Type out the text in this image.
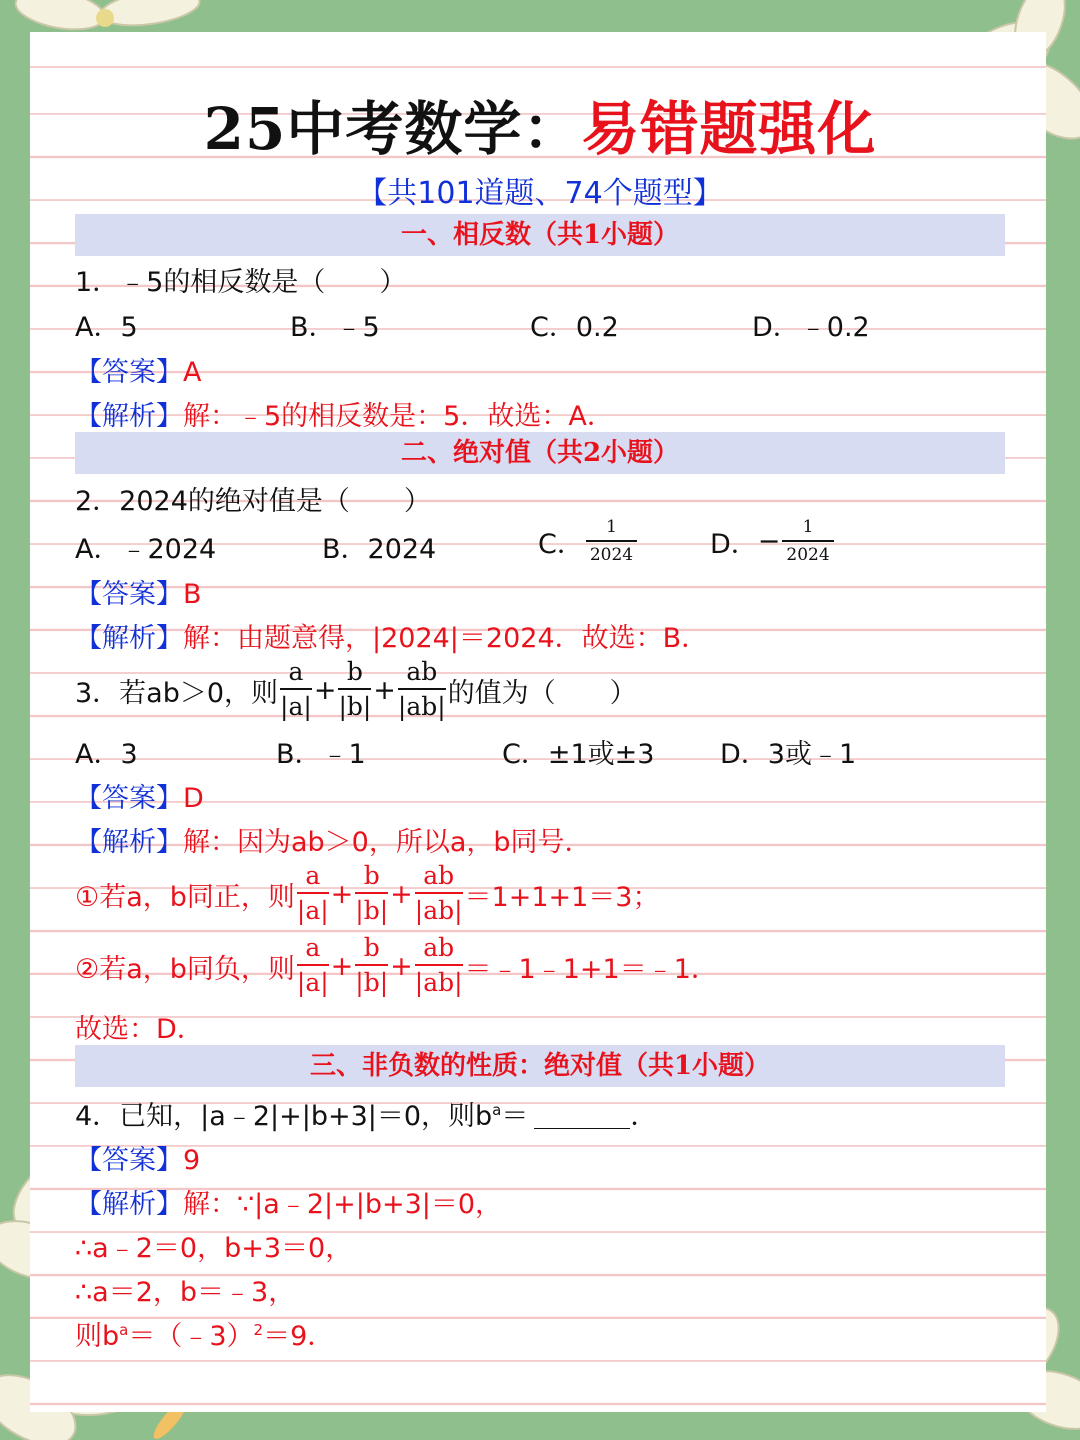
25中考数学：易错题强化
【共101道题、74个题型】
一、相反数（共1小题）
1．﹣5的相反数是（　　）
A．5	B．﹣5	C．0.2	D．﹣0.2
【答案】A
【解析】解：﹣5的相反数是：5．故选：A．
二、绝对值（共2小题）
2．2024的绝对值是（　　）
A．﹣2024	B．2024	C． $\frac{1}{2024}$	D． − $\frac{1}{2024}$
【答案】B
【解析】解：由题意得，|2024|＝2024．故选：B．
3．若ab＞0，则 $\frac{a}{|a|} + \frac{b}{|b|} + \frac{ab}{|ab|}$ 的值为（　　）
A．3	B．﹣1	C．±1或±3 D．3或﹣1
【答案】D
【解析】解：因为ab＞0，所以a，b同号．
①若a，b同正，则 $\frac{a}{|a|} + \frac{b}{|b|} + \frac{ab}{|ab|} =1+1+1=3$；
②若a，b同负，则 $\frac{a}{|a|} + \frac{b}{|b|} + \frac{ab}{|ab|}$ ＝﹣1﹣1+1＝﹣1．
故选：D．
三、非负数的性质：绝对值（共1小题）
4．已知，|a﹣2|+|b+3|＝0，则$b^a=$	．
【答案】9
【解析】解：∵|a﹣2|+|b+3|＝0，
∴a﹣2＝0，b+3＝0，
∴a＝2，b＝﹣3，
则$b^a=(﹣3)^2=9$．
